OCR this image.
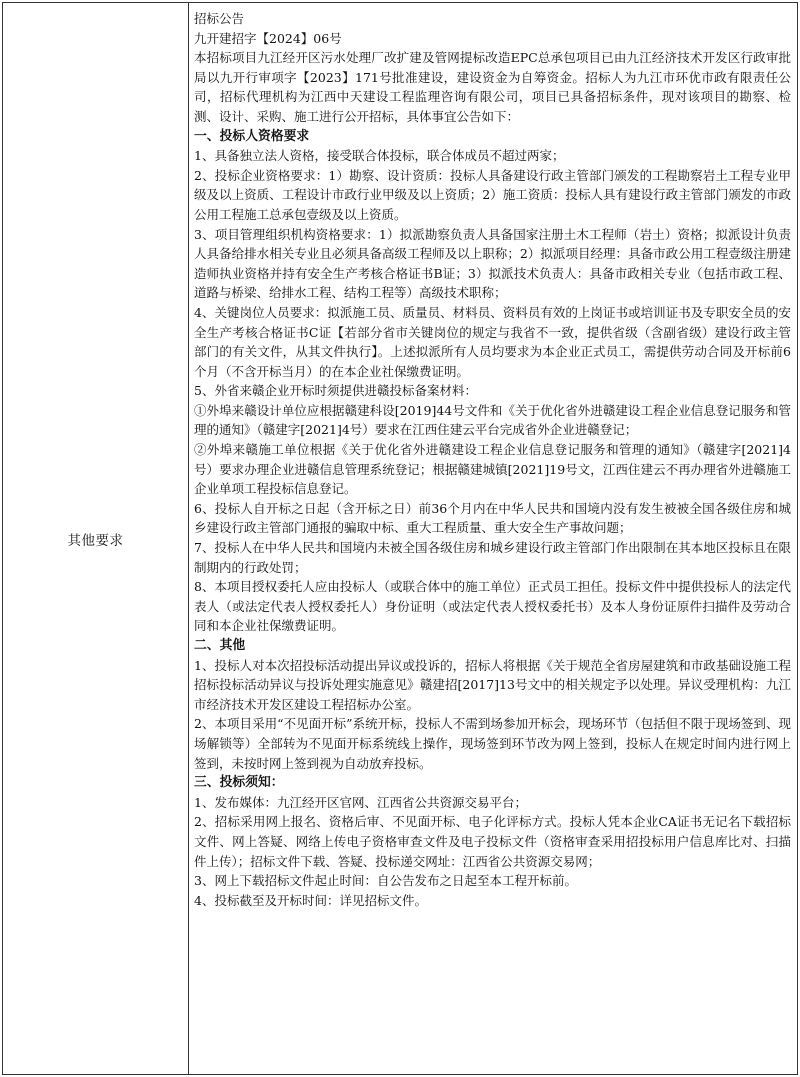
其他要求	

招标公告

九开建招字【2024】06号

本招标项目九江经开区污水处理厂改扩建及管网提标改造EPC总承包项目已由九江经济技术开发区行政审批局以九开行审项字【2023】171号批准建设，建设资金为自筹资金。招标人为九江市环优市政有限责任公司，招标代理机构为江西中天建设工程监理咨询有限公司，项目已具备招标条件，现对该项目的勘察、检测、设计、采购、施工进行公开招标，具体事宜公告如下：

一、投标人资格要求

1、具备独立法人资格，接受联合体投标，联合体成员不超过两家；

2、投标企业资格要求：1）勘察、设计资质：投标人具备建设行政主管部门颁发的工程勘察岩土工程专业甲级及以上资质、工程设计市政行业甲级及以上资质；2）施工资质：投标人具有建设行政主管部门颁发的市政公用工程施工总承包壹级及以上资质。

3、项目管理组织机构资格要求：1）拟派勘察负责人具备国家注册土木工程师（岩土）资格；拟派设计负责人具备给排水相关专业且必须具备高级工程师及以上职称；2）拟派项目经理：具备市政公用工程壹级注册建造师执业资格并持有安全生产考核合格证书B证；3）拟派技术负责人：具备市政相关专业（包括市政工程、道路与桥梁、给排水工程、结构工程等）高级技术职称；

4、关键岗位人员要求：拟派施工员、质量员、材料员、资料员有效的上岗证书或培训证书及专职安全员的安全生产考核合格证书C证【若部分省市关键岗位的规定与我省不一致，提供省级（含副省级）建设行政主管部门的有关文件，从其文件执行】。上述拟派所有人员均要求为本企业正式员工，需提供劳动合同及开标前6个月（不含开标当月）的在本企业社保缴费证明。

5、外省来赣企业开标时须提供进赣投标备案材料：

①外埠来赣设计单位应根据赣建科设[2019]44号文件和《关于优化省外进赣建设工程企业信息登记服务和管理的通知》（赣建字[2021]4号）要求在江西住建云平台完成省外企业进赣登记；

②外埠来赣施工单位根据《关于优化省外进赣建设工程企业信息登记服务和管理的通知》（赣建字[2021]4号）要求办理企业进赣信息管理系统登记；根据赣建城镇[2021]19号文，江西住建云不再办理省外进赣施工企业单项工程投标信息登记。

6、投标人自开标之日起（含开标之日）前36个月内在中华人民共和国境内没有发生被被全国各级住房和城乡建设行政主管部门通报的骗取中标、重大工程质量、重大安全生产事故问题；

7、投标人在中华人民共和国境内未被全国各级住房和城乡建设行政主管部门作出限制在其本地区投标且在限制期内的行政处罚；

8、本项目授权委托人应由投标人（或联合体中的施工单位）正式员工担任。投标文件中提供投标人的法定代表人（或法定代表人授权委托人）身份证明（或法定代表人授权委托书）及本人身份证原件扫描件及劳动合同和本企业社保缴费证明。

二、其他

1、投标人对本次招投标活动提出异议或投诉的，招标人将根据《关于规范全省房屋建筑和市政基础设施工程招标投标活动异议与投诉处理实施意见》赣建招[2017]13号文中的相关规定予以处理。异议受理机构：九江市经济技术开发区建设工程招标办公室。

2、本项目采用“不见面开标”系统开标，投标人不需到场参加开标会，现场环节（包括但不限于现场签到、现场解锁等）全部转为不见面开标系统线上操作，现场签到环节改为网上签到，投标人在规定时间内进行网上签到，未按时网上签到视为自动放弃投标。

三、投标须知：

1、发布媒体：九江经开区官网、江西省公共资源交易平台；

2、招标采用网上报名、资格后审、不见面开标、电子化评标方式。投标人凭本企业CA证书无记名下载招标文件、网上答疑、网络上传电子资格审查文件及电子投标文件（资格审查采用招投标用户信息库比对、扫描件上传）；招标文件下载、答疑、投标递交网址：江西省公共资源交易网；

3、网上下载招标文件起止时间：自公告发布之日起至本工程开标前。

4、投标截至及开标时间：详见招标文件。
